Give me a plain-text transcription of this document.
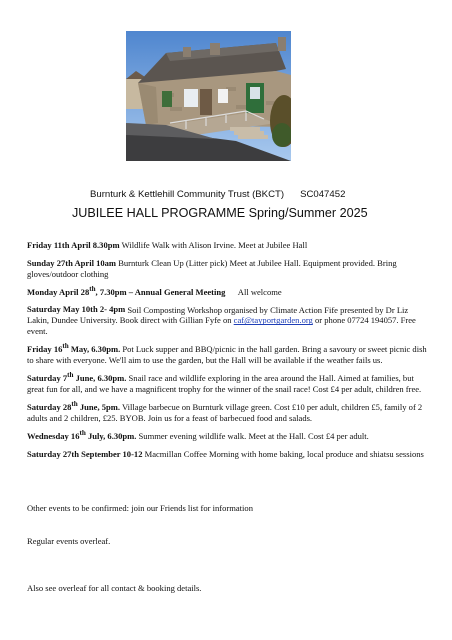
Burnturk & Kettlehill Community Trust (BKCT) SC047452
JUBILEE HALL PROGRAMME Spring/Summer 2025

Friday 11th April 8.30pm Wildlife Walk with Alison Irvine. Meet at Jubilee Hall

Sunday 27th April 10am Burnturk Clean Up (Litter pick) Meet at Jubilee Hall. Equipment provided. Bring gloves/outdoor clothing

Monday April 28th, 7.30pm – Annual General Meeting      All welcome

Saturday May 10th 2- 4pm Soil Composting Workshop organised by Climate Action Fife presented by Dr Liz Lakin, Dundee University. Book direct with Gillian Fyfe on caf@tayportgarden.org or phone 07724 194057. Free event.

Friday 16th May, 6.30pm. Pot Luck supper and BBQ/picnic in the hall garden. Bring a savoury or sweet picnic dish to share with everyone. We'll aim to use the garden, but the Hall will be available if the weather fails us.

Saturday 7th June, 6.30pm. Snail race and wildlife exploring in the area around the Hall. Aimed at families, but great fun for all, and we have a magnificent trophy for the winner of the snail race! Cost £4 per adult, children free.

Saturday 28th June, 5pm. Village barbecue on Burnturk village green. Cost £10 per adult, children £5, family of 2 adults and 2 children, £25. BYOB. Join us for a feast of barbecued food and salads.

Wednesday 16th July, 6.30pm. Summer evening wildlife walk. Meet at the Hall. Cost £4 per adult.

Saturday 27th September 10-12 Macmillan Coffee Morning with home baking, local produce and shiatsu sessions

Other events to be confirmed: join our Friends list for information
Regular events overleaf.
Also see overleaf for all contact & booking details.
